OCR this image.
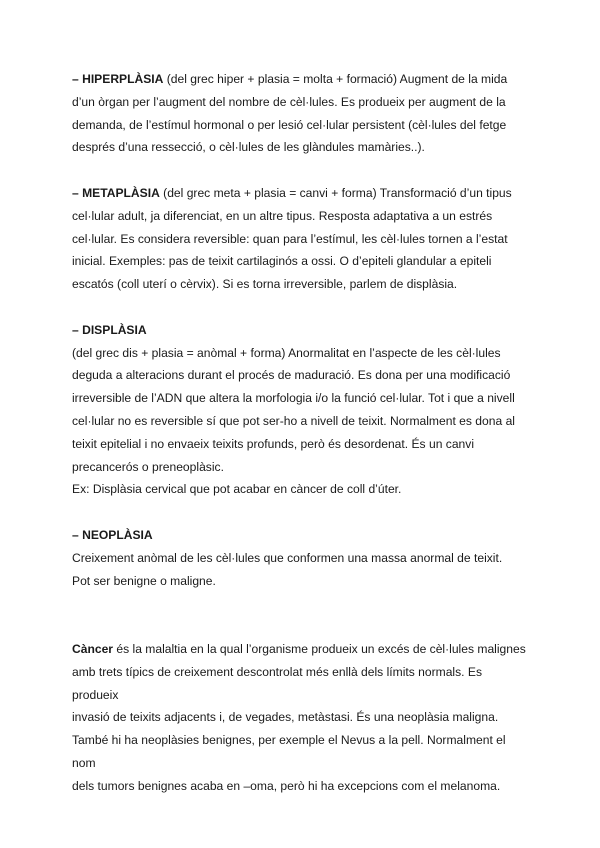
– HIPERPLÀSIA (del grec hiper + plasia = molta + formació) Augment de la mida
d’un òrgan per l’augment del nombre de cèl·lules. Es produeix per augment de la
demanda, de l’estímul hormonal o per lesió cel·lular persistent (cèl·lules del fetge
després d’una ressecció, o cèl·lules de les glàndules mamàries..).
– METAPLÀSIA (del grec meta + plasia = canvi + forma) Transformació d’un tipus
cel·lular adult, ja diferenciat, en un altre tipus. Resposta adaptativa a un estrés
cel·lular. Es considera reversible: quan para l’estímul, les cèl·lules tornen a l’estat
inicial. Exemples: pas de teixit cartilaginós a ossi. O d’epiteli glandular a epiteli
escatós (coll uterí o cèrvix). Si es torna irreversible, parlem de displàsia.
– DISPLÀSIA
(del grec dis + plasia = anòmal + forma) Anormalitat en l’aspecte de les cèl·lules
deguda a alteracions durant el procés de maduració. Es dona per una modificació
irreversible de l’ADN que altera la morfologia i/o la funció cel·lular. Tot i que a nivell
cel·lular no es reversible sí que pot ser-ho a nivell de teixit. Normalment es dona al
teixit epitelial i no envaeix teixits profunds, però és desordenat. És un canvi
precancerós o preneoplàsic.
Ex: Displàsia cervical que pot acabar en càncer de coll d’úter.
– NEOPLÀSIA
Creixement anòmal de les cèl·lules que conformen una massa anormal de teixit.
Pot ser benigne o maligne.
Càncer és la malaltia en la qual l’organisme produeix un excés de cèl·lules malignes
amb trets típics de creixement descontrolat més enllà dels límits normals. Es
produeix
invasió de teixits adjacents i, de vegades, metàstasi. És una neoplàsia maligna.
També hi ha neoplàsies benignes, per exemple el Nevus a la pell. Normalment el
nom
dels tumors benignes acaba en –oma, però hi ha excepcions com el melanoma.
